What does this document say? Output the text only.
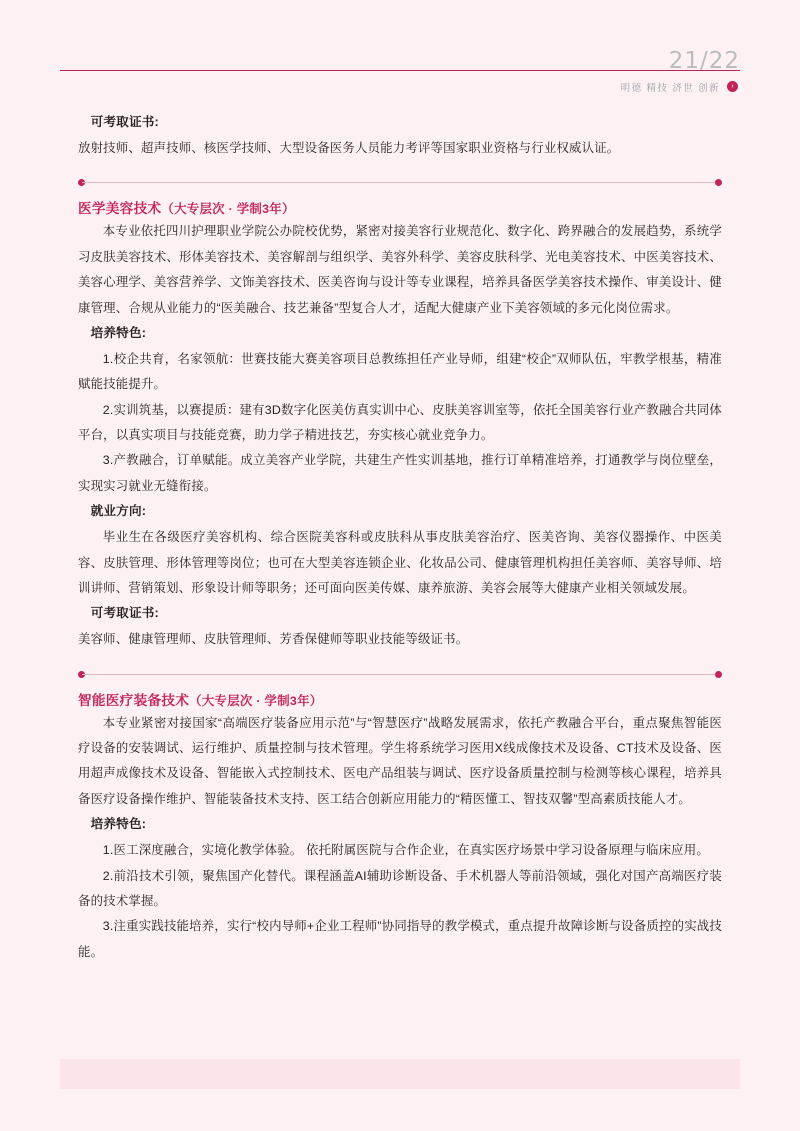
21/22
明德 精技 济世 创新	›

可考取证书:

放射技师、超声技师、核医学技师、大型设备医务人员能力考评等国家职业资格与行业权威认证。

医学美容技术（大专层次 · 学制3年）

本专业依托四川护理职业学院公办院校优势，紧密对接美容行业规范化、数字化、跨界融合的发展趋势，系统学习皮肤美容技术、形体美容技术、美容解剖与组织学、美容外科学、美容皮肤科学、光电美容技术、中医美容技术、美容心理学、美容营养学、文饰美容技术、医美咨询与设计等专业课程，培养具备医学美容技术操作、审美设计、健康管理、合规从业能力的“医美融合、技艺兼备”型复合人才，适配大健康产业下美容领域的多元化岗位需求。

培养特色:

1.校企共育，名家领航：世赛技能大赛美容项目总教练担任产业导师，组建“校企”双师队伍，牢教学根基，精准赋能技能提升。

2.实训筑基，以赛提质：建有3D数字化医美仿真实训中心、皮肤美容训室等，依托全国美容行业产教融合共同体平台，以真实项目与技能竞赛，助力学子精进技艺，夯实核心就业竞争力。

3.产教融合，订单赋能。成立美容产业学院，共建生产性实训基地，推行订单精准培养，打通教学与岗位壁垒，实现实习就业无缝衔接。

就业方向:

毕业生在各级医疗美容机构、综合医院美容科或皮肤科从事皮肤美容治疗、医美咨询、美容仪器操作、中医美容、皮肤管理、形体管理等岗位；也可在大型美容连锁企业、化妆品公司、健康管理机构担任美容师、美容导师、培训讲师、营销策划、形象设计师等职务；还可面向医美传媒、康养旅游、美容会展等大健康产业相关领域发展。

可考取证书:

美容师、健康管理师、皮肤管理师、芳香保健师等职业技能等级证书。

智能医疗装备技术（大专层次 · 学制3年）

本专业紧密对接国家“高端医疗装备应用示范”与“智慧医疗”战略发展需求，依托产教融合平台，重点聚焦智能医疗设备的安装调试、运行维护、质量控制与技术管理。学生将系统学习医用X线成像技术及设备、CT技术及设备、医用超声成像技术及设备、智能嵌入式控制技术、医电产品组装与调试、医疗设备质量控制与检测等核心课程，培养具备医疗设备操作维护、智能装备技术支持、医工结合创新应用能力的“精医懂工、智技双馨”型高素质技能人才。

培养特色:

1.医工深度融合，实境化教学体验。 依托附属医院与合作企业，在真实医疗场景中学习设备原理与临床应用。

2.前沿技术引领，聚焦国产化替代。课程涵盖AI辅助诊断设备、手术机器人等前沿领域，强化对国产高端医疗装备的技术掌握。

3.注重实践技能培养，实行“校内导师+企业工程师”协同指导的教学模式，重点提升故障诊断与设备质控的实战技能。
